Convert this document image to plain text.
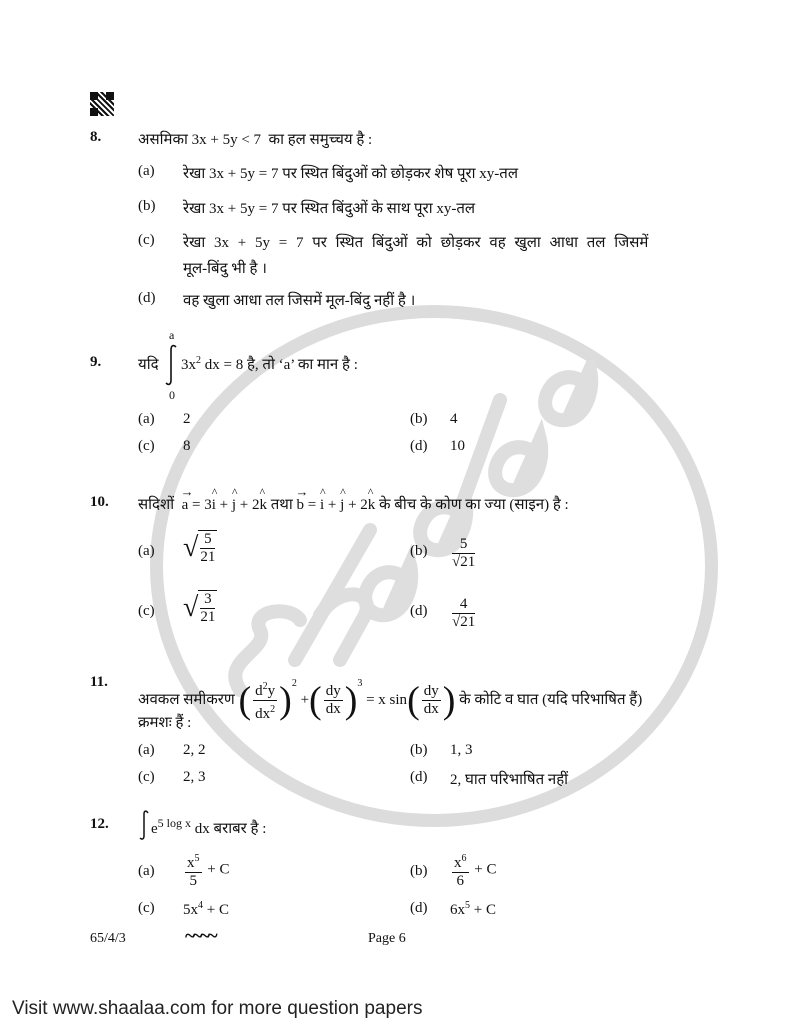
8. असमिका 3x + 5y < 7 का हल समुच्चय है :
(a) रेखा 3x + 5y = 7 पर स्थित बिंदुओं को छोड़कर शेष पूरा xy-तल
(b) रेखा 3x + 5y = 7 पर स्थित बिंदुओं के साथ पूरा xy-तल
(c) रेखा 3x + 5y = 7 पर स्थित बिंदुओं को छोड़कर वह खुला आधा तल जिसमें
मूल-बिंदु भी है ।
(d) वह खुला आधा तल जिसमें मूल-बिंदु नहीं है ।
9. यदि
a
0
$3x^2$ dx = 8 है, तो ‘a’ का मान है :
(a) 2	(b) 4
(c) 8	(d) 10
10. सदिशों → a = 3^ i + ^ j + 2^ k तथा → b = ^ i + ^ j + 2^ k के बीच के कोण का ज्या (साइन) है :
(a) √ $\frac{5}{21}$	$(b) \frac{5}{√21}$
(c) √ $\frac{3}{21}$	$(d) \frac{4}{√21}$
11.
अवकल समीकरण ( $\frac{d^2y}{dx^2} )^2$ +( $\frac{dy}{dx} )^3 = x$ $\sin( \frac{dy}{dx}$ ) के कोटि व घात (यदि परिभाषित हैं)
क्रमशः हैं :
(a) 2, 2	(b) 1, 3
(c) 2, 3	(d) 2, घात परिभाषित नहीं
12.	$e^{5 log x}$ dx बराबर है :
$(a) \frac{x^5}{5} + C$	$(b) \frac{x^6}{6} + C$
(c) $5x^4 + C$	(d) $6x^5 + C$
65/4/3	~~~~	Page 6
Visit www.shaalaa.com for more question papers
